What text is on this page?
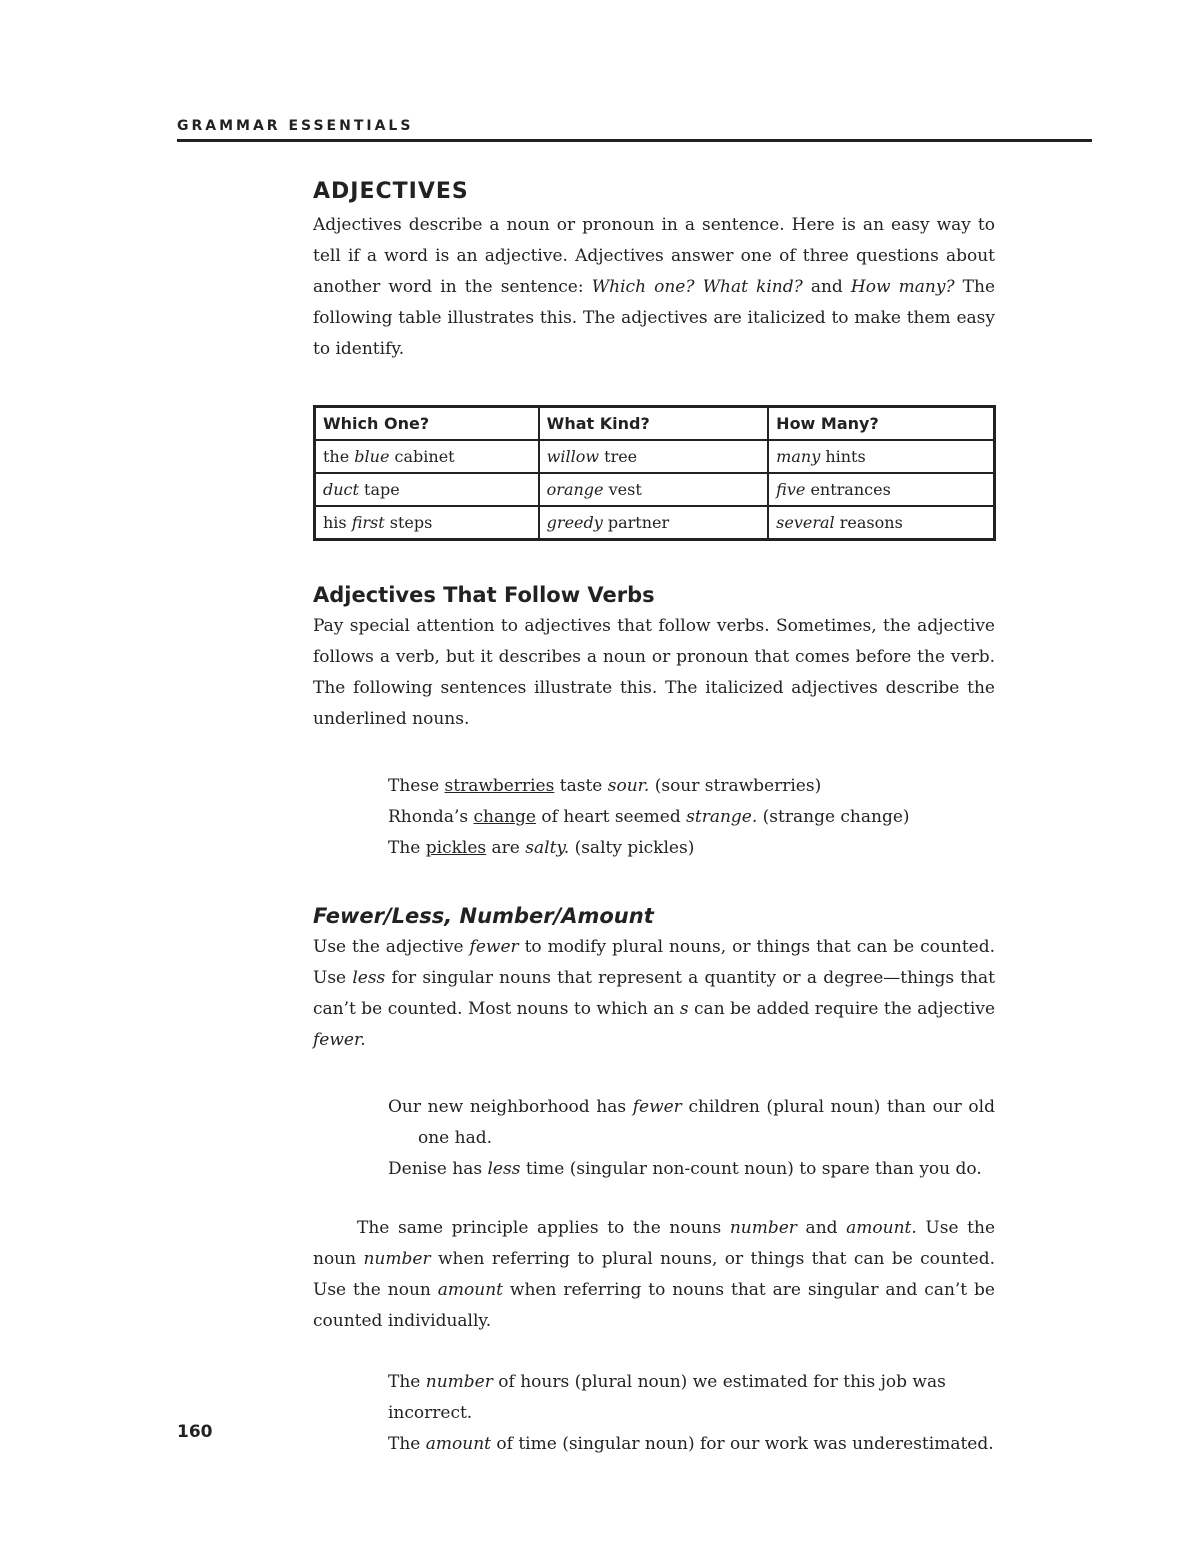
GRAMMAR ESSENTIALS
ADJECTIVES

Adjectives describe a noun or pronoun in a sentence. Here is an easy way to tell if a word is an adjective. Adjectives answer one of three questions about another word in the sentence: Which one? What kind? and How many? The following table illustrates this. The adjectives are italicized to make them easy to identify.

Which One?	What Kind?	How Many?
the blue cabinet	willow tree	many hints
duct tape	orange vest	five entrances
his first steps	greedy partner	several reasons
Adjectives That Follow Verbs

Pay special attention to adjectives that follow verbs. Sometimes, the adjective follows a verb, but it describes a noun or pronoun that comes before the verb. The following sentences illustrate this. The italicized adjectives describe the underlined nouns.

These strawberries taste sour. (sour strawberries)

Rhonda’s change of heart seemed strange. (strange change)

The pickles are salty. (salty pickles)

Fewer/Less, Number/Amount

Use the adjective fewer to modify plural nouns, or things that can be counted. Use less for singular nouns that represent a quantity or a degree—things that can’t be counted. Most nouns to which an s can be added require the adjective fewer.

Our new neighborhood has fewer children (plural noun) than our old one had.

Denise has less time (singular non-count noun) to spare than you do.

The same principle applies to the nouns number and amount. Use the noun number when referring to plural nouns, or things that can be counted. Use the noun amount when referring to nouns that are singular and can’t be counted individually.

The number of hours (plural noun) we estimated for this job was incorrect.

The amount of time (singular noun) for our work was underestimated.

160
